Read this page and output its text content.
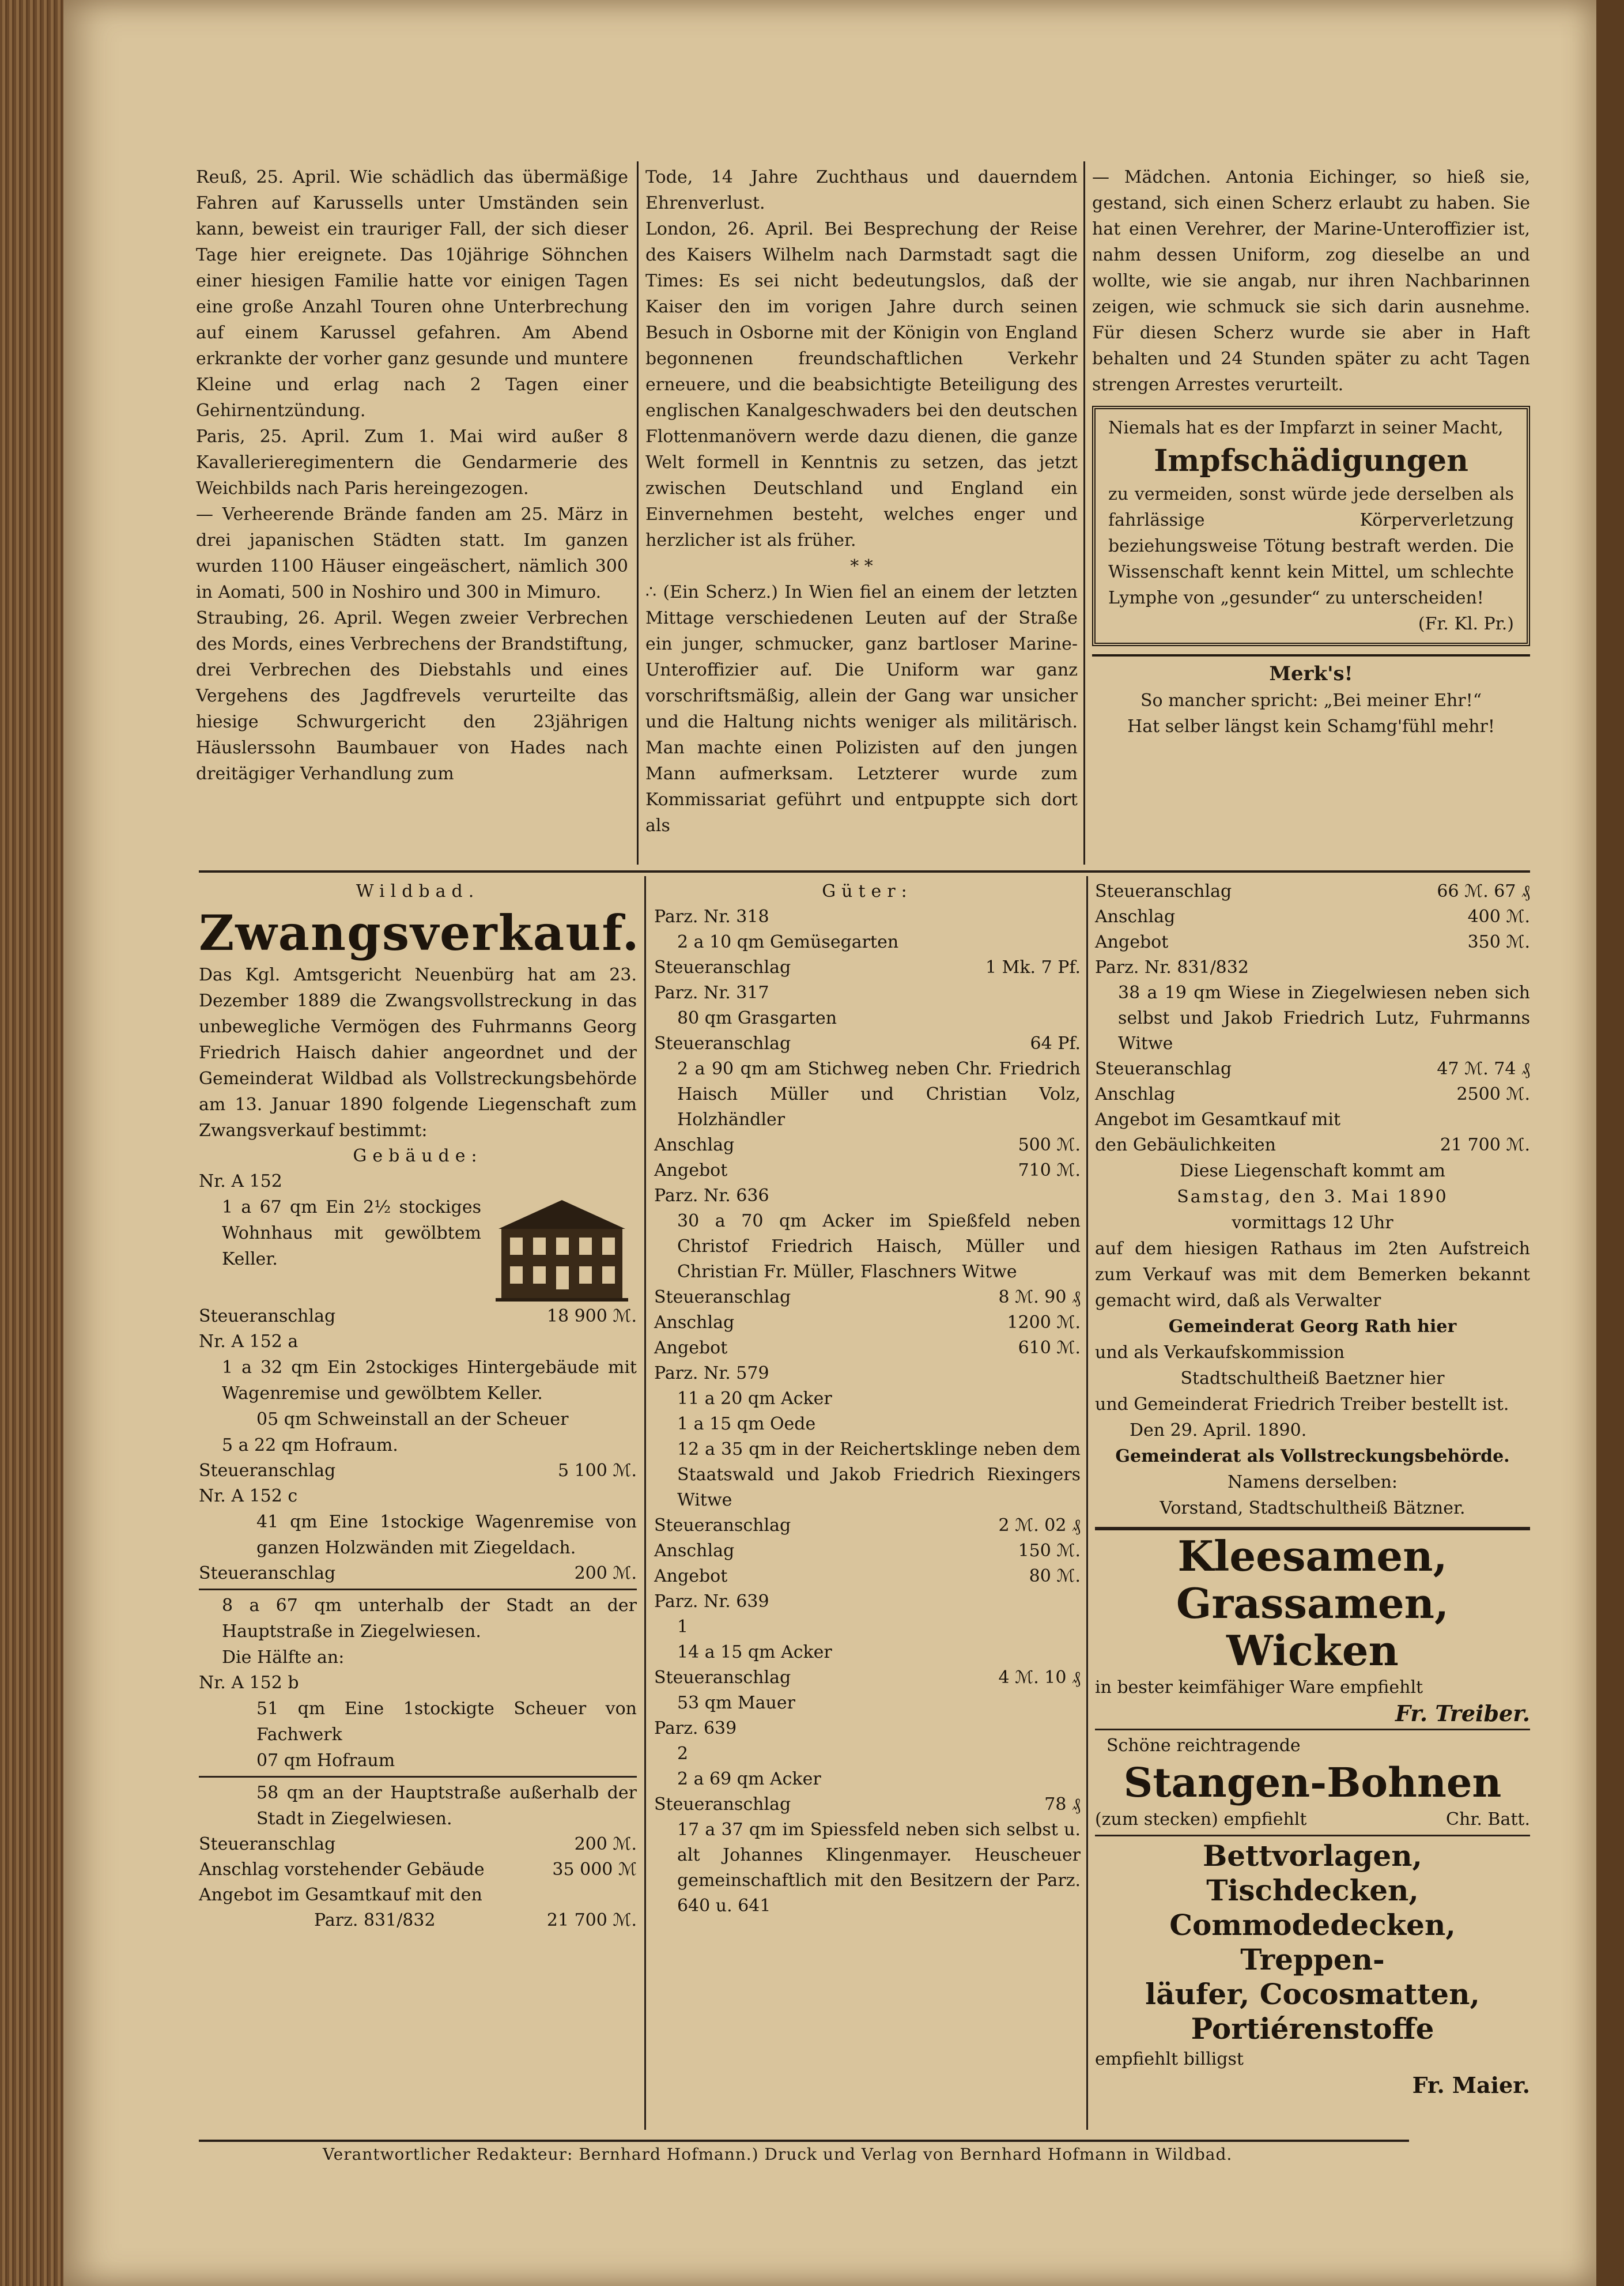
Reuß, 25. April. Wie schädlich das übermäßige Fahren auf Karussells unter Umständen sein kann, beweist ein trauriger Fall, der sich dieser Tage hier ereignete. Das 10jährige Söhnchen einer hiesigen Familie hatte vor einigen Tagen eine große Anzahl Touren ohne Unterbrechung auf einem Karussel gefahren. Am Abend erkrankte der vorher ganz gesunde und muntere Kleine und erlag nach 2 Tagen einer Gehirnentzündung.

Paris, 25. April. Zum 1. Mai wird außer 8 Kavallerieregimentern die Gendarmerie des Weichbilds nach Paris hereingezogen.

— Verheerende Brände fanden am 25. März in drei japanischen Städten statt. Im ganzen wurden 1100 Häuser eingeäschert, nämlich 300 in Aomati, 500 in Noshiro und 300 in Mimuro.

Straubing, 26. April. Wegen zweier Verbrechen des Mords, eines Verbrechens der Brandstiftung, drei Verbrechen des Diebstahls und eines Vergehens des Jagdfrevels verurteilte das hiesige Schwurgericht den 23jährigen Häuslerssohn Baumbauer von Hades nach dreitägiger Verhandlung zum

Tode, 14 Jahre Zuchthaus und dauerndem Ehrenverlust.

London, 26. April. Bei Besprechung der Reise des Kaisers Wilhelm nach Darmstadt sagt die Times: Es sei nicht bedeutungslos, daß der Kaiser den im vorigen Jahre durch seinen Besuch in Osborne mit der Königin von England begonnenen freundschaftlichen Verkehr erneuere, und die beabsichtigte Beteiligung des englischen Kanalgeschwaders bei den deutschen Flottenmanövern werde dazu dienen, die ganze Welt formell in Kenntnis zu setzen, das jetzt zwischen Deutschland und England ein Einvernehmen besteht, welches enger und herzlicher ist als früher.

* *

∴ (Ein Scherz.) In Wien fiel an einem der letzten Mittage verschiedenen Leuten auf der Straße ein junger, schmucker, ganz bartloser Marine-Unteroffizier auf. Die Uniform war ganz vorschriftsmäßig, allein der Gang war unsicher und die Haltung nichts weniger als militärisch. Man machte einen Polizisten auf den jungen Mann aufmerksam. Letzterer wurde zum Kommissariat geführt und entpuppte sich dort als

— Mädchen. Antonia Eichinger, so hieß sie, gestand, sich einen Scherz erlaubt zu haben. Sie hat einen Verehrer, der Marine-Unteroffizier ist, nahm dessen Uniform, zog dieselbe an und wollte, wie sie angab, nur ihren Nachbarinnen zeigen, wie schmuck sie sich darin ausnehme. Für diesen Scherz wurde sie aber in Haft behalten und 24 Stunden später zu acht Tagen strengen Arrestes verurteilt.

Niemals hat es der Impfarzt in seiner Macht,

Impfschädigungen

zu vermeiden, sonst würde jede derselben als fahrlässige Körperverletzung beziehungsweise Tötung bestraft werden. Die Wissenschaft kennt kein Mittel, um schlechte Lymphe von „gesunder“ zu unterscheiden!

(Fr. Kl. Pr.)

Merk's!

So mancher spricht: „Bei meiner Ehr!“

Hat selber längst kein Schamg'fühl mehr!

Wildbad.

Zwangsverkauf.

Das Kgl. Amtsgericht Neuenbürg hat am 23. Dezember 1889 die Zwangsvollstreckung in das unbewegliche Vermögen des Fuhrmanns Georg Friedrich Haisch dahier angeordnet und der Gemeinderat Wildbad als Vollstreckungsbehörde am 13. Januar 1890 folgende Liegenschaft zum Zwangsverkauf bestimmt:

Gebäude:
Nr. A 152
1 a 67 qm Ein 2½ stockiges Wohnhaus mit gewölbtem Keller.
Steueranschlag	18 900 ℳ.
Nr. A 152 a
1 a 32 qm Ein 2stockiges Hintergebäude mit Wagenremise und gewölbtem Keller.
05 qm Schweinstall an der Scheuer
5 a 22 qm Hofraum.
Steueranschlag	5 100 ℳ.
Nr. A 152 c
41 qm Eine 1stockige Wagenremise von ganzen Holzwänden mit Ziegeldach.
Steueranschlag	200 ℳ.
8 a 67 qm unterhalb der Stadt an der Hauptstraße in Ziegelwiesen.
Die Hälfte an:
Nr. A 152 b
51 qm Eine 1stockigte Scheuer von Fachwerk
07 qm Hofraum
58 qm an der Hauptstraße außerhalb der Stadt in Ziegelwiesen.
Steueranschlag	200 ℳ.
Anschlag vorstehender Gebäude	35 000 ℳ
Angebot im Gesamtkauf mit den
Parz. 831/832	21 700 ℳ.
Güter:
Parz. Nr. 318
2 a 10 qm Gemüsegarten
Steueranschlag	1 Mk. 7 Pf.
Parz. Nr. 317
80 qm Grasgarten
Steueranschlag	64 Pf.
2 a 90 qm am Stichweg neben Chr. Friedrich Haisch Müller und Christian Volz, Holzhändler
Anschlag	500 ℳ.
Angebot	710 ℳ.
Parz. Nr. 636
30 a 70 qm Acker im Spießfeld neben Christof Friedrich Haisch, Müller und Christian Fr. Müller, Flaschners Witwe
Steueranschlag	8 ℳ. 90 ₰
Anschlag	1200 ℳ.
Angebot	610 ℳ.
Parz. Nr. 579
11 a 20 qm Acker
1 a 15 qm Oede
12 a 35 qm in der Reichertsklinge neben dem Staatswald und Jakob Friedrich Riexingers Witwe
Steueranschlag	2 ℳ. 02 ₰
Anschlag	150 ℳ.
Angebot	80 ℳ.
Parz. Nr. 639
1
14 a 15 qm Acker
Steueranschlag	4 ℳ. 10 ₰
53 qm Mauer
Parz. 639
2
2 a 69 qm Acker
Steueranschlag	78 ₰
17 a 37 qm im Spiessfeld neben sich selbst u. alt Johannes Klingenmayer. Heuscheuer gemeinschaftlich mit den Besitzern der Parz. 640 u. 641
Steueranschlag	66 ℳ. 67 ₰
Anschlag	400 ℳ.
Angebot	350 ℳ.
Parz. Nr. 831/832
38 a 19 qm Wiese in Ziegelwiesen neben sich selbst und Jakob Friedrich Lutz, Fuhrmanns Witwe
Steueranschlag	47 ℳ. 74 ₰
Anschlag	2500 ℳ.
Angebot im Gesamtkauf mit
den Gebäulichkeiten	21 700 ℳ.
Diese Liegenschaft kommt am
Samstag, den 3. Mai 1890
vormittags 12 Uhr
auf dem hiesigen Rathaus im 2ten Aufstreich zum Verkauf was mit dem Bemerken bekannt gemacht wird, daß als Verwalter
Gemeinderat Georg Rath hier
und als Verkaufskommission
Stadtschultheiß Baetzner hier
und Gemeinderat Friedrich Treiber bestellt ist.
Den 29. April. 1890.
Gemeinderat als Vollstreckungsbehörde.
Namens derselben:
Vorstand, Stadtschultheiß Bätzner.

Kleesamen,

Grassamen,

Wicken

in bester keimfähiger Ware empfiehlt
Fr. Treiber.
Schöne reichtragende

Stangen-Bohnen

(zum stecken) empfiehlt	Chr. Batt.

Bettvorlagen, Tischdecken,

Commodedecken, Treppen-

läufer, Cocosmatten,

Portiérenstoffe

empfiehlt billigst
Fr. Maier.
Verantwortlicher Redakteur: Bernhard Hofmann.) Druck und Verlag von Bernhard Hofmann in Wildbad.
